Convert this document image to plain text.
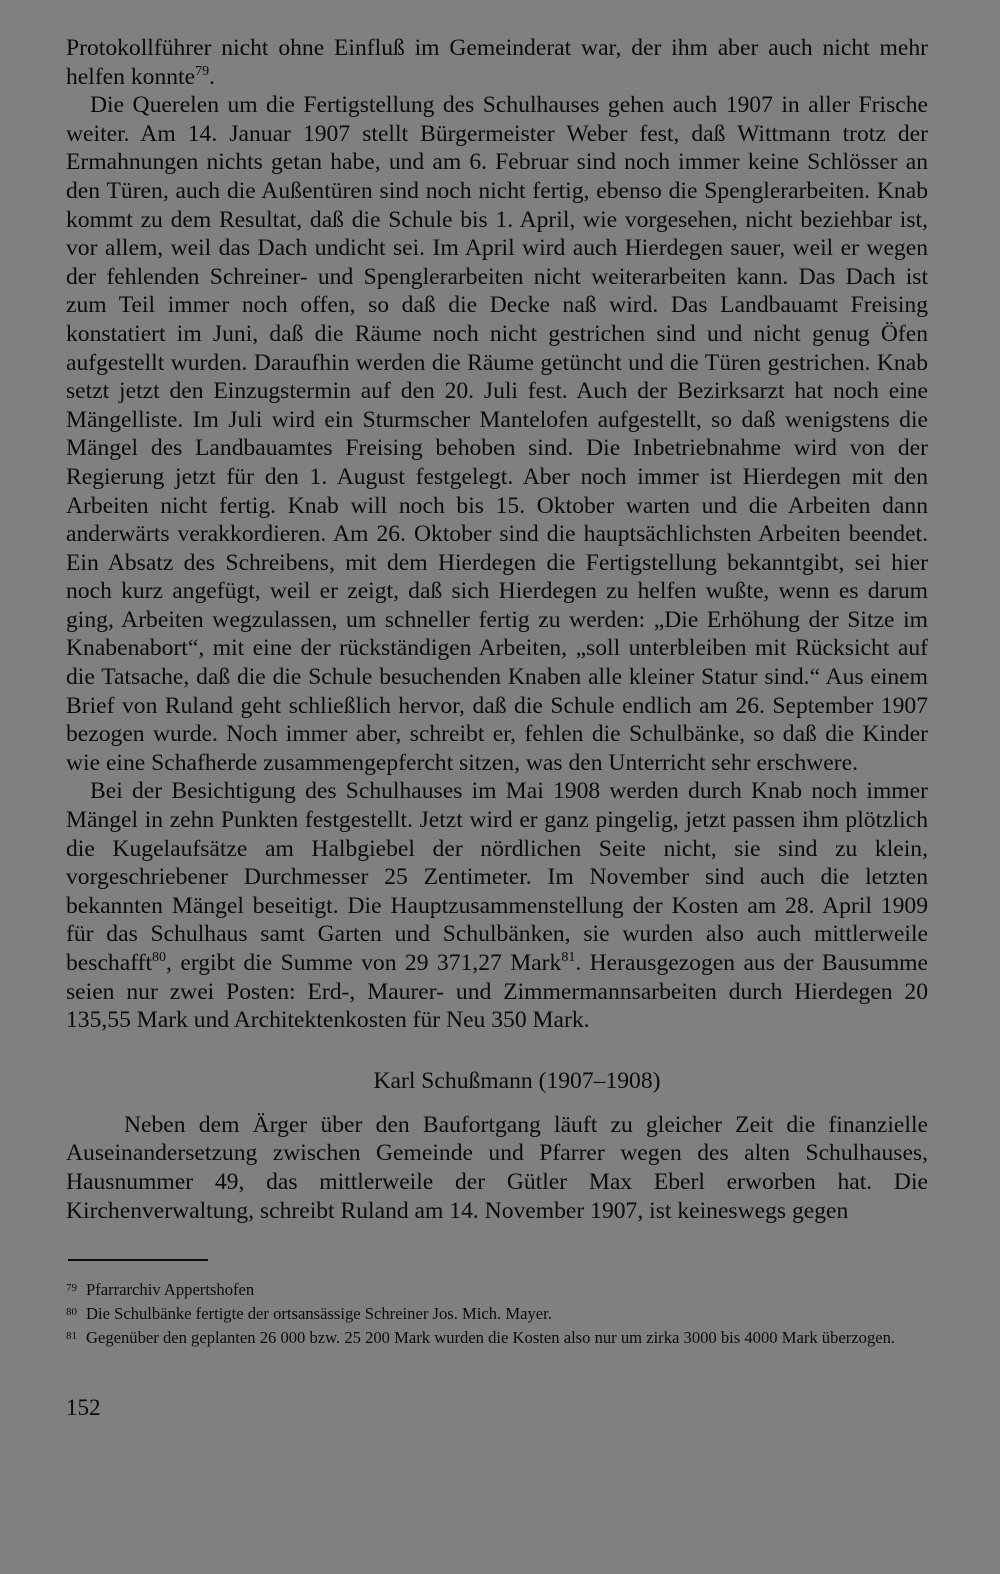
Protokollführer nicht ohne Einfluß im Gemeinderat war, der ihm aber auch nicht mehr helfen konnte$^{79}$.

Die Querelen um die Fertigstellung des Schulhauses gehen auch 1907 in aller Frische weiter. Am 14. Januar 1907 stellt Bürgermeister Weber fest, daß Wittmann trotz der Ermahnungen nichts getan habe, und am 6. Februar sind noch immer keine Schlösser an den Türen, auch die Außentüren sind noch nicht fertig, ebenso die Spenglerarbeiten. Knab kommt zu dem Resultat, daß die Schule bis 1. April, wie vorgesehen, nicht beziehbar ist, vor allem, weil das Dach undicht sei. Im April wird auch Hierdegen sauer, weil er wegen der fehlenden Schreiner- und Spenglerarbeiten nicht weiterarbeiten kann. Das Dach ist zum Teil immer noch offen, so daß die Decke naß wird. Das Landbauamt Freising konstatiert im Juni, daß die Räume noch nicht gestrichen sind und nicht genug Öfen aufgestellt wurden. Daraufhin werden die Räume getüncht und die Türen gestrichen. Knab setzt jetzt den Einzugstermin auf den 20. Juli fest. Auch der Bezirksarzt hat noch eine Mängelliste. Im Juli wird ein Sturmscher Mantelofen aufgestellt, so daß wenigstens die Mängel des Landbauamtes Freising behoben sind. Die Inbetriebnahme wird von der Regierung jetzt für den 1. August festgelegt. Aber noch immer ist Hierdegen mit den Arbeiten nicht fertig. Knab will noch bis 15. Oktober warten und die Arbeiten dann anderwärts verakkordieren. Am 26. Oktober sind die hauptsächlichsten Arbeiten beendet. Ein Absatz des Schreibens, mit dem Hierdegen die Fertigstellung bekanntgibt, sei hier noch kurz angefügt, weil er zeigt, daß sich Hierdegen zu helfen wußte, wenn es darum ging, Arbeiten wegzulassen, um schneller fertig zu werden: „Die Erhöhung der Sitze im Knabenabort“, mit eine der rückständigen Arbeiten, „soll unterbleiben mit Rücksicht auf die Tatsache, daß die die Schule besuchenden Knaben alle kleiner Statur sind.“ Aus einem Brief von Ruland geht schließlich hervor, daß die Schule endlich am 26. September 1907 bezogen wurde. Noch immer aber, schreibt er, fehlen die Schulbänke, so daß die Kinder wie eine Schafherde zusammengepfercht sitzen, was den Unterricht sehr erschwere.

Bei der Besichtigung des Schulhauses im Mai 1908 werden durch Knab noch immer Mängel in zehn Punkten festgestellt. Jetzt wird er ganz pingelig, jetzt passen ihm plötzlich die Kugelaufsätze am Halbgiebel der nördlichen Seite nicht, sie sind zu klein, vorgeschriebener Durchmesser 25 Zentimeter. Im November sind auch die letzten bekannten Mängel beseitigt. Die Hauptzusammenstellung der Kosten am 28. April 1909 für das Schulhaus samt Garten und Schulbänken, sie wurden also auch mittlerweile beschafft$^{80}$, ergibt die Summe von 29 371,27 Mark$^{81}$. Herausgezogen aus der Bausumme seien nur zwei Posten: Erd-, Maurer- und Zimmermannsarbeiten durch Hierdegen 20 135,55 Mark und Architektenkosten für Neu 350 Mark.

Karl Schußmann (1907–1908)

Neben dem Ärger über den Baufortgang läuft zu gleicher Zeit die finanzielle Auseinandersetzung zwischen Gemeinde und Pfarrer wegen des alten Schulhauses, Hausnummer 49, das mittlerweile der Gütler Max Eberl erworben hat. Die Kirchenverwaltung, schreibt Ruland am 14. November 1907, ist keineswegs gegen

79 Pfarrarchiv Appertshofen

80 Die Schulbänke fertigte der ortsansässige Schreiner Jos. Mich. Mayer.

81 Gegenüber den geplanten 26 000 bzw. 25 200 Mark wurden die Kosten also nur um zirka 3000 bis 4000 Mark überzogen.

152
